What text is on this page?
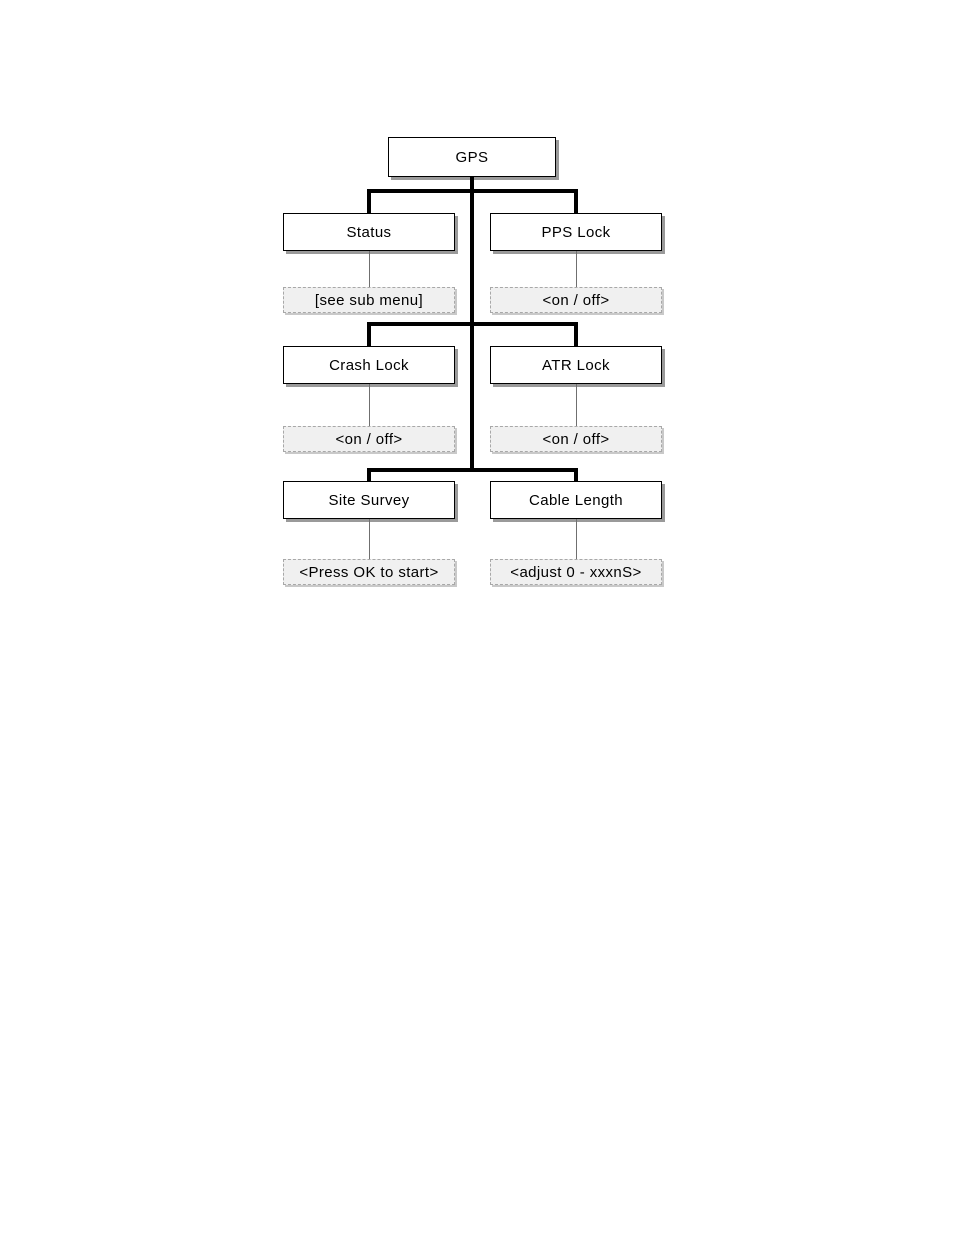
GPS
Status	PPS Lock
[see sub menu]	<on / off>
Crash Lock	ATR Lock
<on / off>	<on / off>
Site Survey	Cable Length
<Press OK to start>	<adjust 0 - xxxnS>
